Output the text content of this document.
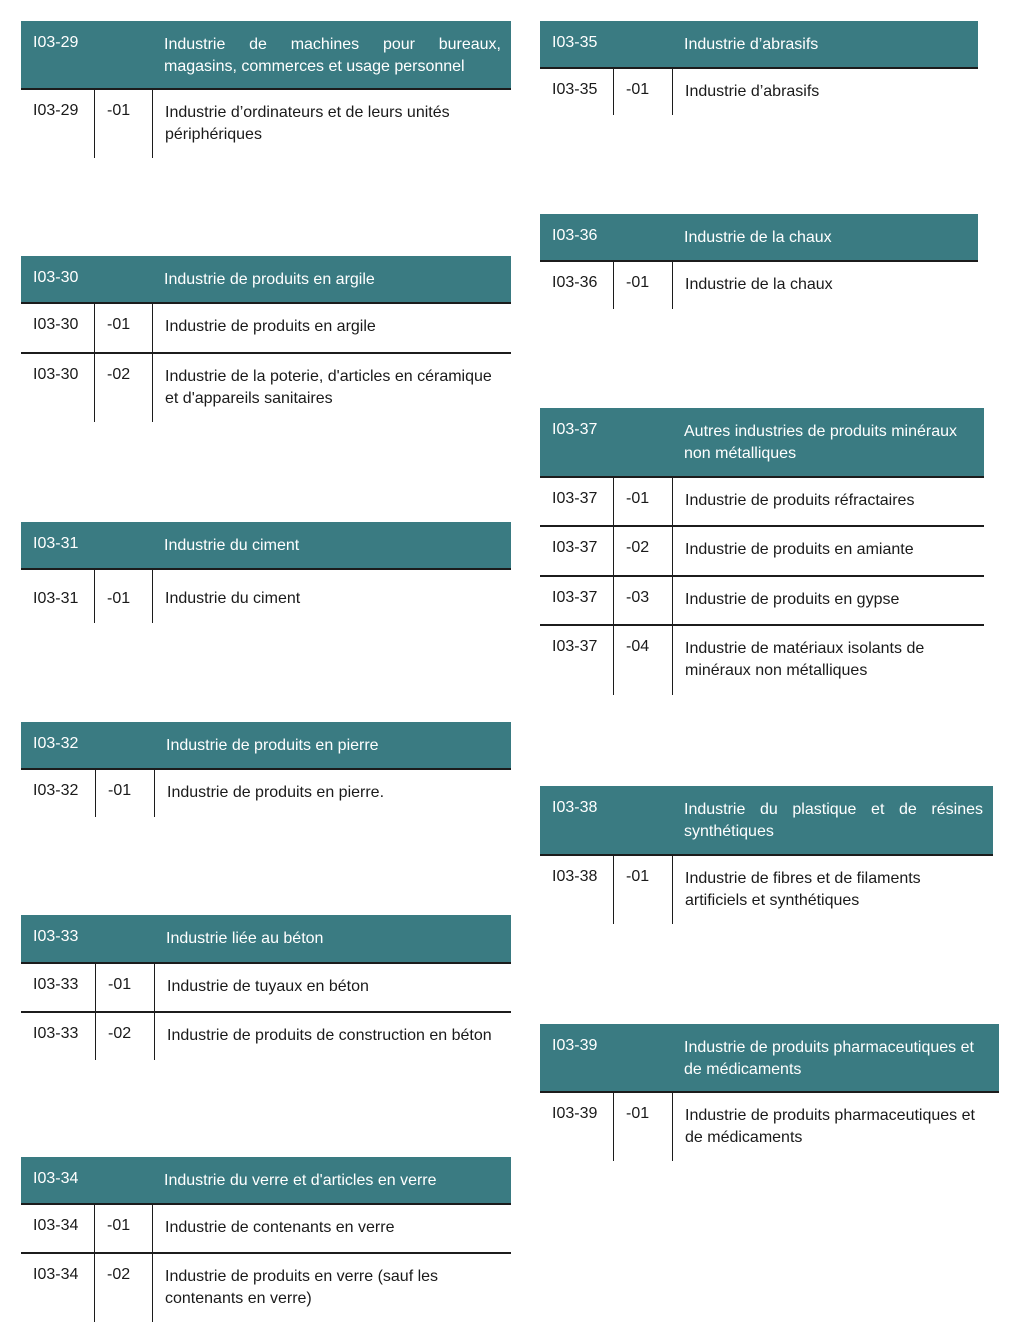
I03-29	Industrie de machines pour bureaux, magasins, commerces et usage personnel
I03-29	-01	Industrie d’ordinateurs et de leurs unités périphériques
I03-30	Industrie de produits en argile
I03-30	-01	Industrie de produits en argile
I03-30	-02	Industrie de la poterie, d'articles en céramique et d'appareils sanitaires
I03-31	Industrie du ciment
I03-31	-01	Industrie du ciment
I03-32	Industrie de produits en pierre
I03-32	-01	Industrie de produits en pierre.
I03-33	Industrie liée au béton
I03-33	-01	Industrie de tuyaux en béton
I03-33	-02	Industrie de produits de construction en béton
I03-34	Industrie du verre et d'articles en verre
I03-34	-01	Industrie de contenants en verre
I03-34	-02	Industrie de produits en verre (sauf les contenants en verre)
I03-35	Industrie d’abrasifs
I03-35	-01	Industrie d’abrasifs
I03-36	Industrie de la chaux
I03-36	-01	Industrie de la chaux
I03-37	Autres industries de produits minéraux non métalliques
I03-37	-01	Industrie de produits réfractaires
I03-37	-02	Industrie de produits en amiante
I03-37	-03	Industrie de produits en gypse
I03-37	-04	Industrie de matériaux isolants de minéraux non métalliques
I03-38	Industrie du plastique et de résines synthétiques
I03-38	-01	Industrie de fibres et de filaments artificiels et synthétiques
I03-39	Industrie de produits pharmaceutiques et de médicaments
I03-39	-01	Industrie de produits pharmaceutiques et de médicaments
